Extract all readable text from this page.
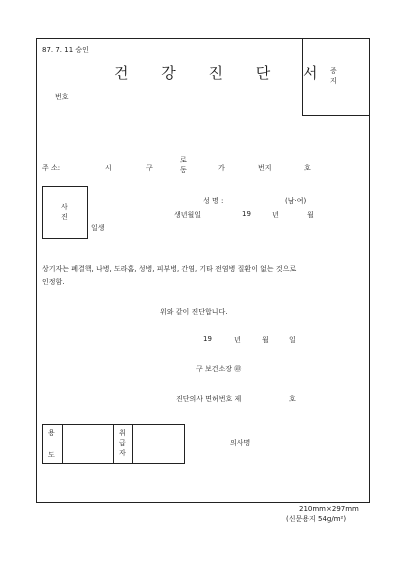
87. 7. 11 승인
건 강 진 단 서
번호
증
지
주 소:	시	구
로
동	가	번지	호
사
진
성 명 :	(남·여)
생년월일	19	년	월
일생
상기자는 폐결핵, 나병, 도라홈, 성병, 피부병, 간염, 기타 전염병 질환이 없는 것으로
인정함.
위와 같이 진단합니다.
19	년	월	일
구 보건소장 ㊞
진단의사 면허번호 제	호
의사명
용
도
취
급
자
210mm×297mm
(신문용지 54g/m²)
